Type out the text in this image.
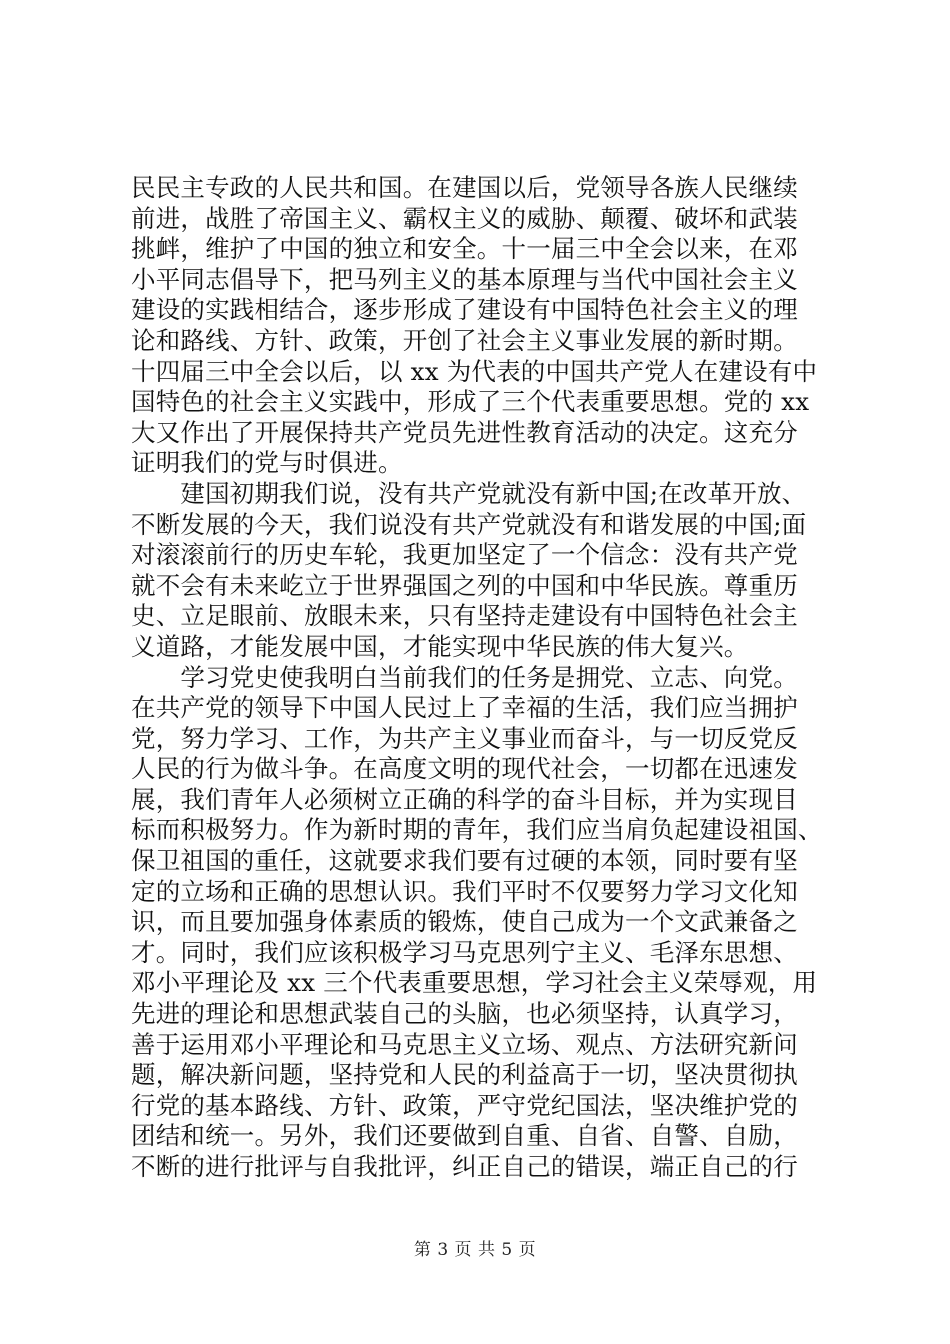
民民主专政的人民共和国。在建国以后，党领导各族人民继续
前进，战胜了帝国主义、霸权主义的威胁、颠覆、破坏和武装
挑衅，维护了中国的独立和安全。十一届三中全会以来，在邓
小平同志倡导下，把马列主义的基本原理与当代中国社会主义
建设的实践相结合，逐步形成了建设有中国特色社会主义的理
论和路线、方针、政策，开创了社会主义事业发展的新时期。
十四届三中全会以后，以 xx 为代表的中国共产党人在建设有中
国特色的社会主义实践中，形成了三个代表重要思想。党的 xx
大又作出了开展保持共产党员先进性教育活动的决定。这充分
证明我们的党与时俱进。
　　建国初期我们说，没有共产党就没有新中国;在改革开放、
不断发展的今天，我们说没有共产党就没有和谐发展的中国;面
对滚滚前行的历史车轮，我更加坚定了一个信念：没有共产党
就不会有未来屹立于世界强国之列的中国和中华民族。尊重历
史、立足眼前、放眼未来，只有坚持走建设有中国特色社会主
义道路，才能发展中国，才能实现中华民族的伟大复兴。
　　学习党史使我明白当前我们的任务是拥党、立志、向党。
在共产党的领导下中国人民过上了幸福的生活，我们应当拥护
党，努力学习、工作，为共产主义事业而奋斗，与一切反党反
人民的行为做斗争。在高度文明的现代社会，一切都在迅速发
展，我们青年人必须树立正确的科学的奋斗目标，并为实现目
标而积极努力。作为新时期的青年，我们应当肩负起建设祖国、
保卫祖国的重任，这就要求我们要有过硬的本领，同时要有坚
定的立场和正确的思想认识。我们平时不仅要努力学习文化知
识，而且要加强身体素质的锻炼，使自己成为一个文武兼备之
才。同时，我们应该积极学习马克思列宁主义、毛泽东思想、
邓小平理论及 xx 三个代表重要思想，学习社会主义荣辱观，用
先进的理论和思想武装自己的头脑，也必须坚持，认真学习，
善于运用邓小平理论和马克思主义立场、观点、方法研究新问
题，解决新问题，坚持党和人民的利益高于一切，坚决贯彻执
行党的基本路线、方针、政策，严守党纪国法，坚决维护党的
团结和统一。另外，我们还要做到自重、自省、自警、自励，
不断的进行批评与自我批评，纠正自己的错误，端正自己的行
第 3 页 共 5 页
